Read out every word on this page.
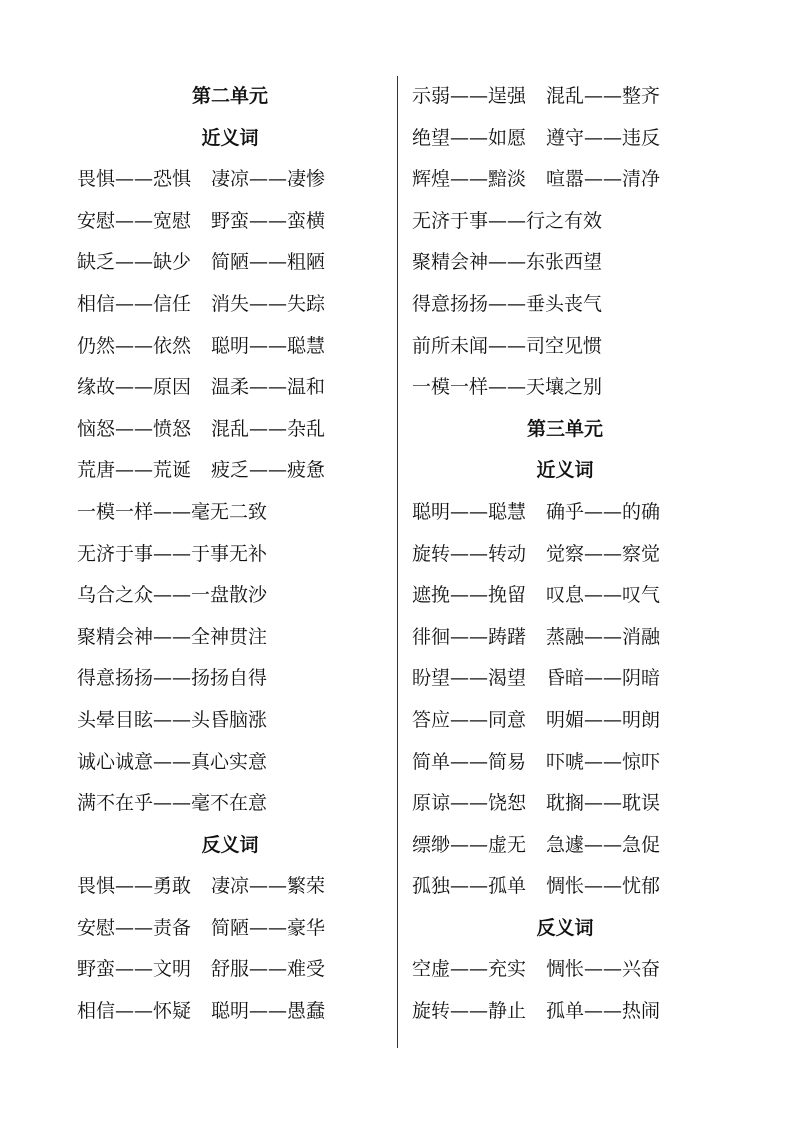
第二单元
近义词
畏惧——恐惧 凄凉——凄惨
安慰——宽慰 野蛮——蛮横
缺乏——缺少 简陋——粗陋
相信——信任 消失——失踪
仍然——依然 聪明——聪慧
缘故——原因 温柔——温和
恼怒——愤怒 混乱——杂乱
荒唐——荒诞 疲乏——疲惫
一模一样——毫无二致
无济于事——于事无补
乌合之众——一盘散沙
聚精会神——全神贯注
得意扬扬——扬扬自得
头晕目眩——头昏脑涨
诚心诚意——真心实意
满不在乎——毫不在意
反义词
畏惧——勇敢 凄凉——繁荣
安慰——责备 简陋——豪华
野蛮——文明 舒服——难受
相信——怀疑 聪明——愚蠢
示弱——逞强 混乱——整齐
绝望——如愿 遵守——违反
辉煌——黯淡 喧嚣——清净
无济于事——行之有效
聚精会神——东张西望
得意扬扬——垂头丧气
前所未闻——司空见惯
一模一样——天壤之别
第三单元
近义词
聪明——聪慧 确乎——的确
旋转——转动 觉察——察觉
遮挽——挽留 叹息——叹气
徘徊——踌躇 蒸融——消融
盼望——渴望 昏暗——阴暗
答应——同意 明媚——明朗
简单——简易 吓唬——惊吓
原谅——饶恕 耽搁——耽误
缥缈——虚无 急遽——急促
孤独——孤单 惆怅——忧郁
反义词
空虚——充实 惆怅——兴奋
旋转——静止 孤单——热闹
